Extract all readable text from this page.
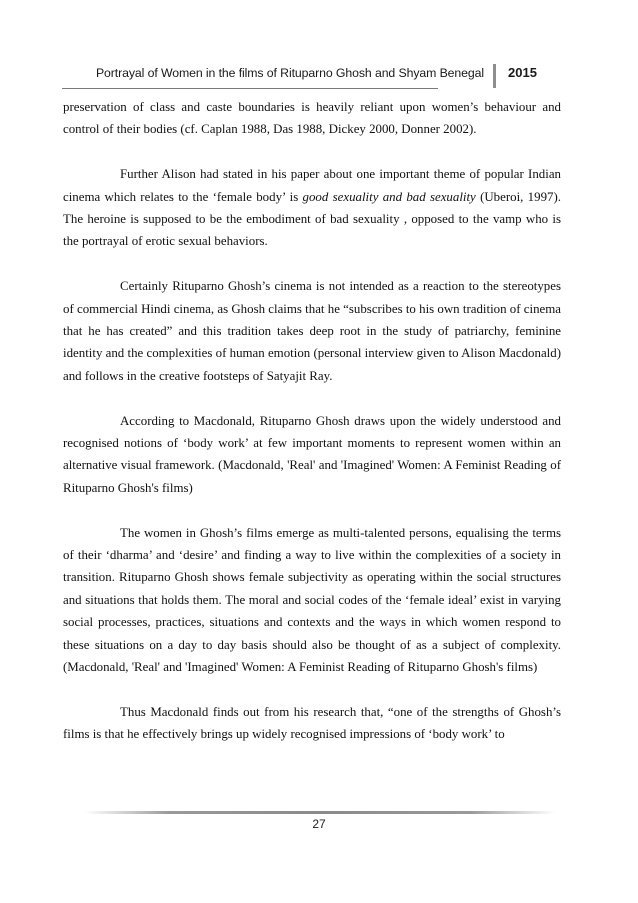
Portrayal of Women in the films of Rituparno Ghosh and Shyam Benegal 2015

preservation of class and caste boundaries is heavily reliant upon women’s behaviour and control of their bodies (cf. Caplan 1988, Das 1988, Dickey 2000, Donner 2002).

Further Alison had stated in his paper about one important theme of popular Indian cinema which relates to the ‘female body’ is good sexuality and bad sexuality (Uberoi, 1997). The heroine is supposed to be the embodiment of bad sexuality , opposed to the vamp who is the portrayal of erotic sexual behaviors.

Certainly Rituparno Ghosh’s cinema is not intended as a reaction to the stereotypes of commercial Hindi cinema, as Ghosh claims that he “subscribes to his own tradition of cinema that he has created” and this tradition takes deep root in the study of patriarchy, feminine identity and the complexities of human emotion (personal interview given to Alison Macdonald) and follows in the creative footsteps of Satyajit Ray.

According to Macdonald, Rituparno Ghosh draws upon the widely understood and recognised notions of ‘body work’ at few important moments to represent women within an alternative visual framework. (Macdonald, 'Real' and 'Imagined' Women: A Feminist Reading of Rituparno Ghosh's films)

The women in Ghosh’s films emerge as multi-talented persons, equalising the terms of their ‘dharma’ and ‘desire’ and finding a way to live within the complexities of a society in transition. Rituparno Ghosh shows female subjectivity as operating within the social structures and situations that holds them. The moral and social codes of the ‘female ideal’ exist in varying social processes, practices, situations and contexts and the ways in which women respond to these situations on a day to day basis should also be thought of as a subject of complexity. (Macdonald, 'Real' and 'Imagined' Women: A Feminist Reading of Rituparno Ghosh's films)

Thus Macdonald finds out from his research that, “one of the strengths of Ghosh’s films is that he effectively brings up widely recognised impressions of ‘body work’ to

27
